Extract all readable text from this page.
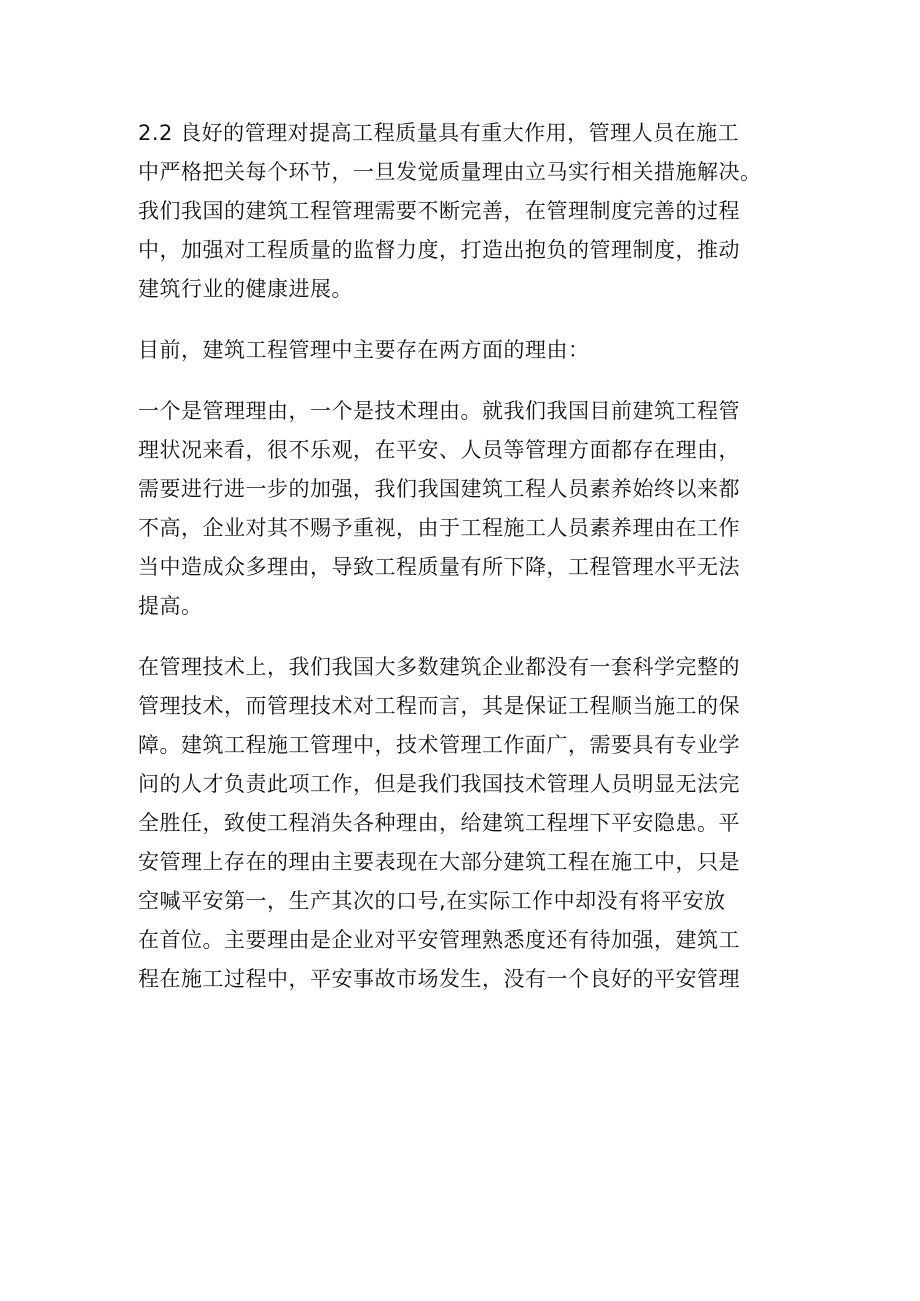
2.2 良好的管理对提高工程质量具有重大作用，管理人员在施工
中严格把关每个环节，一旦发觉质量理由立马实行相关措施解决。
我们我国的建筑工程管理需要不断完善，在管理制度完善的过程
中，加强对工程质量的监督力度，打造出抱负的管理制度，推动
建筑行业的健康进展。
目前，建筑工程管理中主要存在两方面的理由：
一个是管理理由，一个是技术理由。就我们我国目前建筑工程管
理状况来看，很不乐观，在平安、人员等管理方面都存在理由，
需要进行进一步的加强，我们我国建筑工程人员素养始终以来都
不高，企业对其不赐予重视，由于工程施工人员素养理由在工作
当中造成众多理由，导致工程质量有所下降，工程管理水平无法
提高。
在管理技术上，我们我国大多数建筑企业都没有一套科学完整的
管理技术，而管理技术对工程而言，其是保证工程顺当施工的保
障。建筑工程施工管理中，技术管理工作面广，需要具有专业学
问的人才负责此项工作，但是我们我国技术管理人员明显无法完
全胜任，致使工程消失各种理由，给建筑工程埋下平安隐患。平
安管理上存在的理由主要表现在大部分建筑工程在施工中，只是
空喊平安第一，生产其次的口号,在实际工作中却没有将平安放
在首位。主要理由是企业对平安管理熟悉度还有待加强，建筑工
程在施工过程中，平安事故市场发生，没有一个良好的平安管理
